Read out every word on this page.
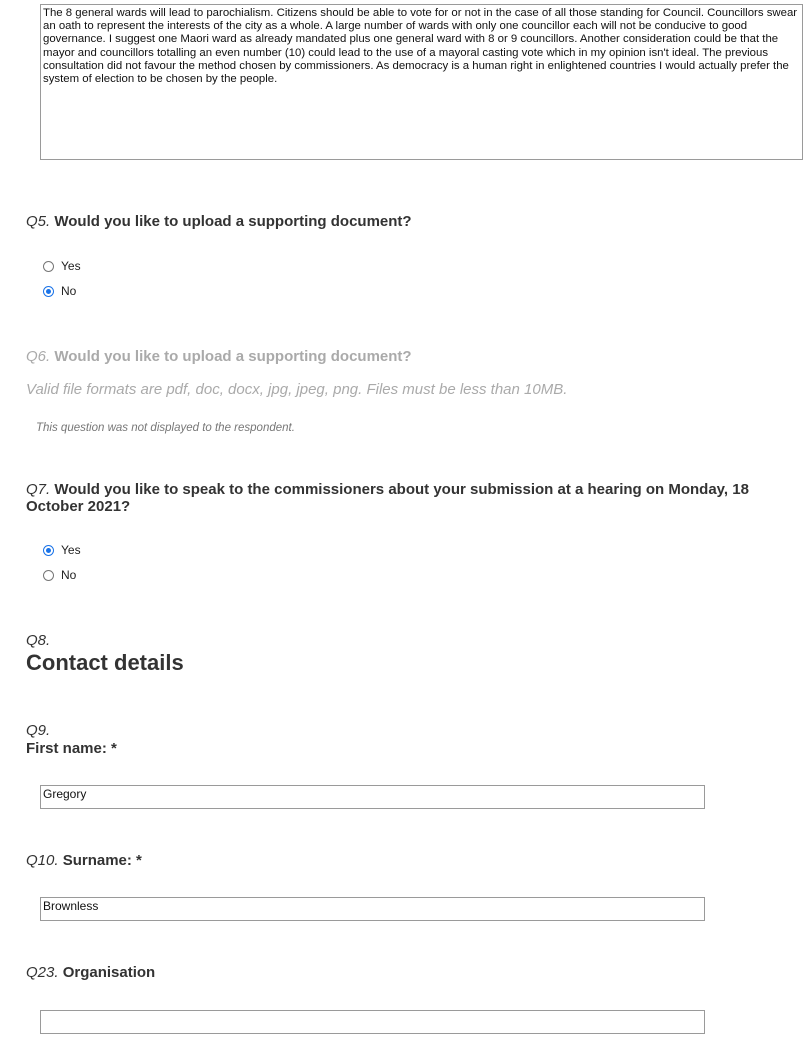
The 8 general wards will lead to parochialism. Citizens should be able to vote for or not in the case of all those standing for Council. Councillors swear an oath to represent the interests of the city as a whole. A large number of wards with only one councillor each will not be conducive to good governance. I suggest one Maori ward as already mandated plus one general ward with 8 or 9 councillors. Another consideration could be that the mayor and councillors totalling an even number (10) could lead to the use of a mayoral casting vote which in my opinion isn't ideal. The previous consultation did not favour the method chosen by commissioners. As democracy is a human right in enlightened countries I would actually prefer the system of election to be chosen by the people.
Q5. Would you like to upload a supporting document?
Yes
No
Q6. Would you like to upload a supporting document?
Valid file formats are pdf, doc, docx, jpg, jpeg, png. Files must be less than 10MB.
This question was not displayed to the respondent.
Q7. Would you like to speak to the commissioners about your submission at a hearing on Monday, 18 October 2021?
Yes
No
Q8.
Contact details
Q9.
First name: *
Gregory
Q10. Surname: *
Brownless
Q23. Organisation
